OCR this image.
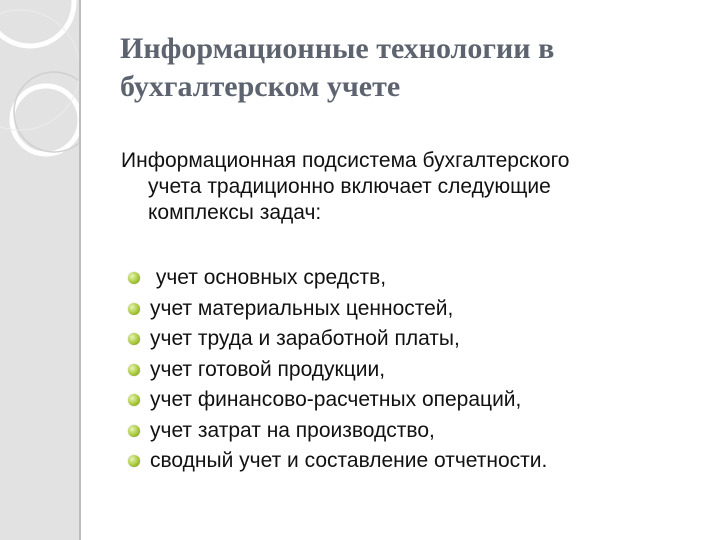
Информационные технологии в бухгалтерском учете

Информационная подсистема бухгалтерского
учета традиционно включает следующие
комплексы задач:

учет основных средств,
учет материальных ценностей,
учет труда и заработной платы,
учет готовой продукции,
учет финансово-расчетных операций,
учет затрат на производство,
сводный учет и составление отчетности.
